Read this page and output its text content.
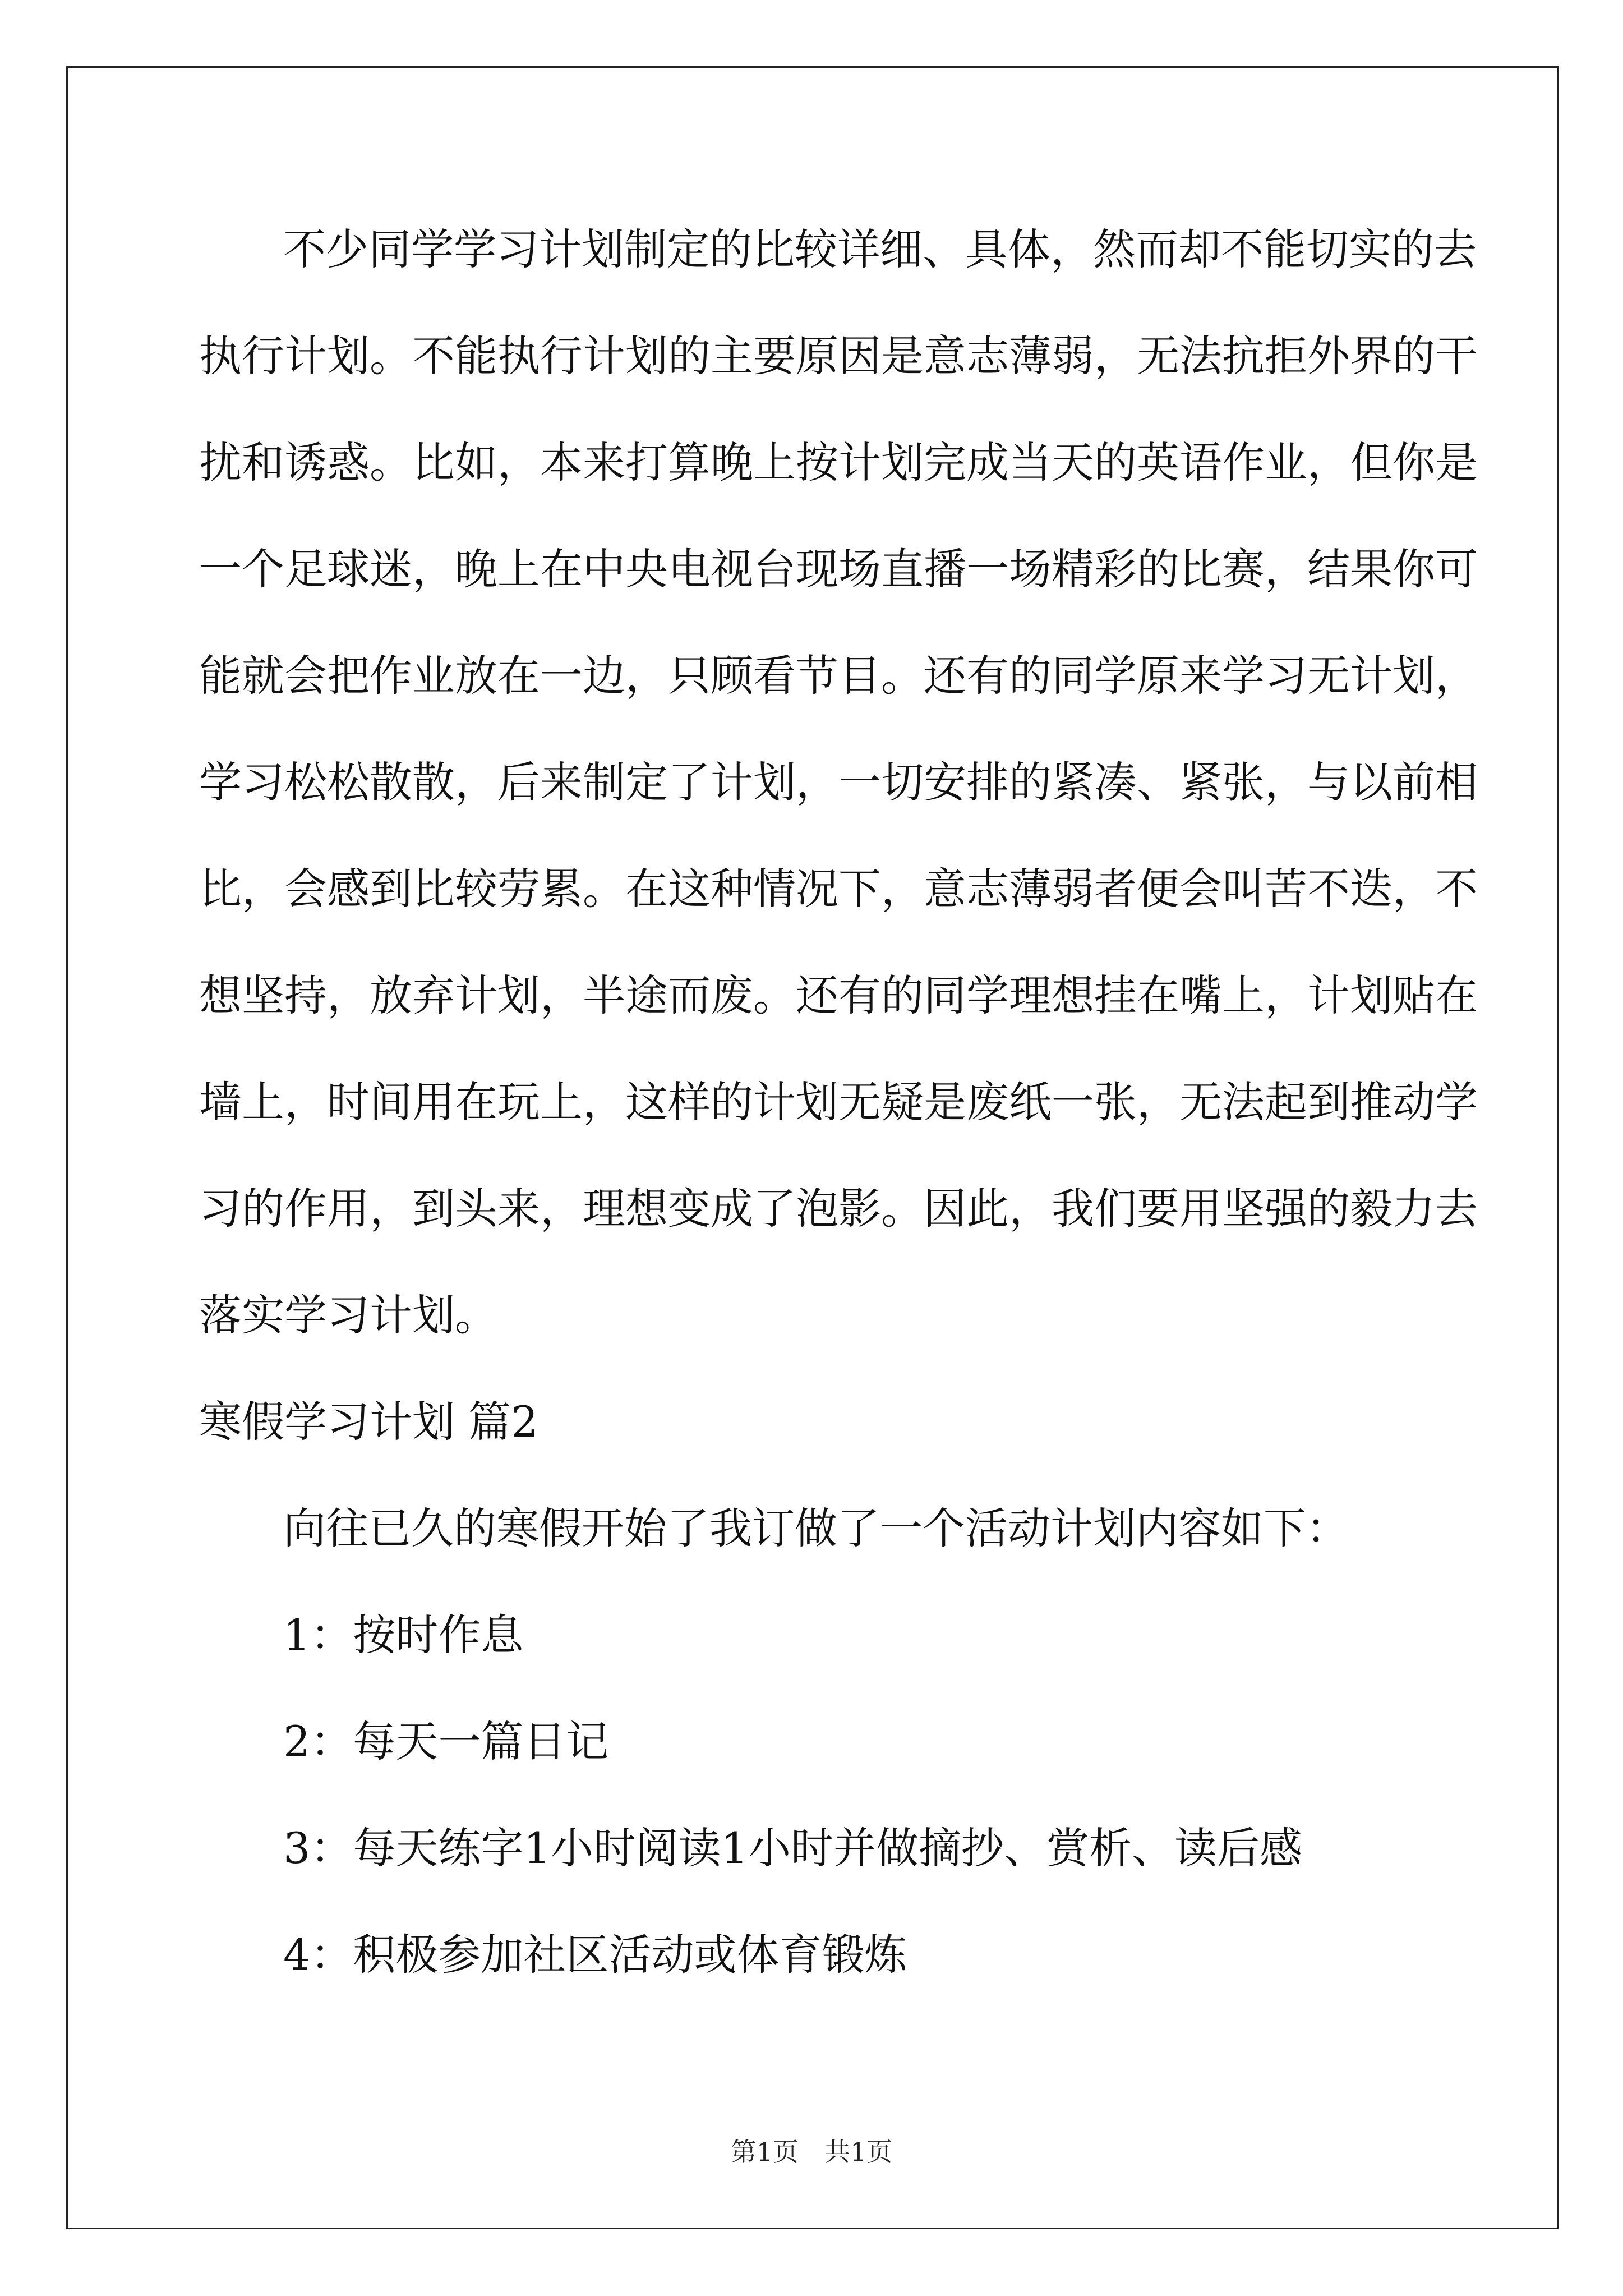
不少同学学习计划制定的比较详细、具体，然而却不能切实的去
执行计划。不能执行计划的主要原因是意志薄弱，无法抗拒外界的干
扰和诱惑。比如，本来打算晚上按计划完成当天的英语作业，但你是
一个足球迷，晚上在中央电视台现场直播一场精彩的比赛，结果你可
能就会把作业放在一边，只顾看节目。还有的同学原来学习无计划，
学习松松散散，后来制定了计划，一切安排的紧凑、紧张，与以前相
比，会感到比较劳累。在这种情况下，意志薄弱者便会叫苦不迭，不
想坚持，放弃计划，半途而废。还有的同学理想挂在嘴上，计划贴在
墙上，时间用在玩上，这样的计划无疑是废纸一张，无法起到推动学
习的作用，到头来，理想变成了泡影。因此，我们要用坚强的毅力去
落实学习计划。
寒假学习计划 篇2
向往已久的寒假开始了我订做了一个活动计划内容如下：
1：按时作息
2：每天一篇日记
3：每天练字1小时阅读1小时并做摘抄、赏析、读后感
4：积极参加社区活动或体育锻炼
第1页　共1页
